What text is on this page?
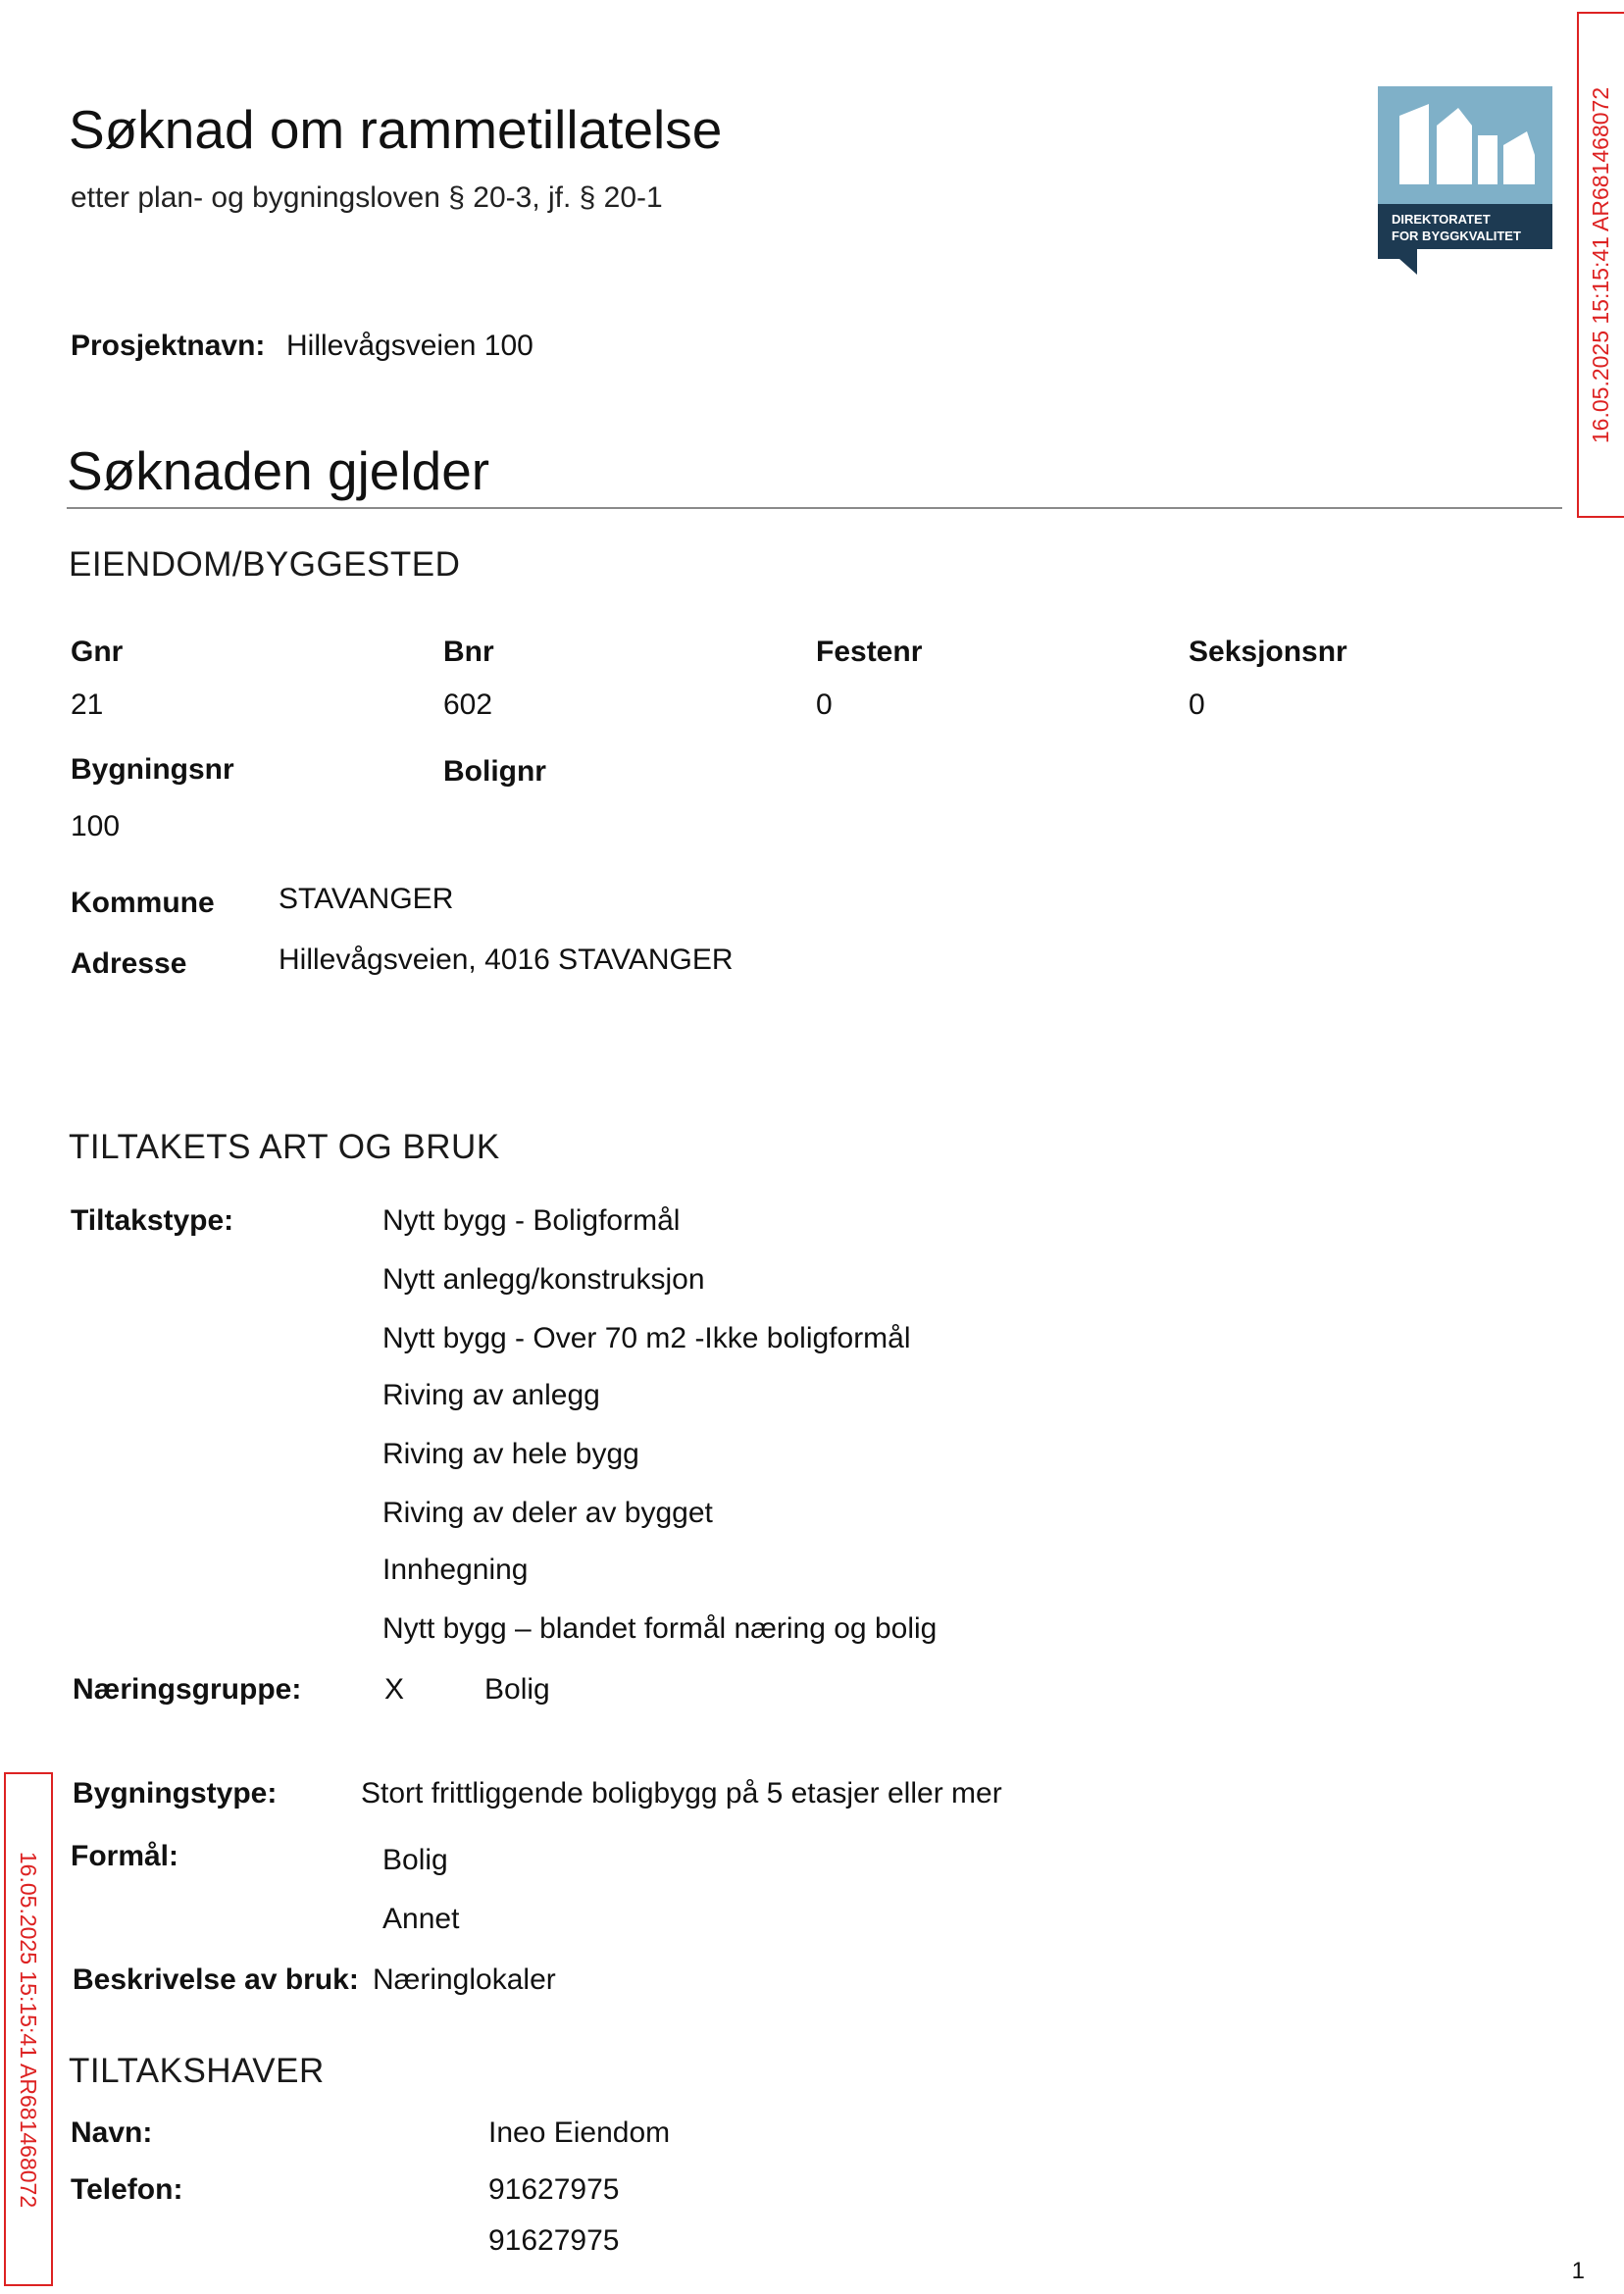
Søknad om rammetillatelse
etter plan- og bygningsloven § 20-3, jf. § 20-1
DIREKTORATET
FOR BYGGKVALITET	16.05.2025 15:15:41 AR681468072
16.05.2025 15:15:41 AR681468072
Prosjektnavn: Hillevågsveien 100
Søknaden gjelder
EIENDOM/BYGGESTED
Gnr
21
Bnr
602
Festenr
0
Seksjonsnr
0
Bygningsnr
100
Bolignr
Kommune STAVANGER
Adresse	Hillevågsveien, 4016 STAVANGER
TILTAKETS ART OG BRUK
Tiltakstype:	Nytt bygg - Boligformål
Nytt anlegg/konstruksjon
Nytt bygg - Over 70 m2 -Ikke boligformål
Riving av anlegg
Riving av hele bygg
Riving av deler av bygget
Innhegning
Nytt bygg – blandet formål næring og bolig
Næringsgruppe:	X	Bolig
Bygningstype:	Stort frittliggende boligbygg på 5 etasjer eller mer
Formål:	Bolig
Annet
Beskrivelse av bruk: Næringlokaler
TILTAKSHAVER
Navn:	Ineo Eiendom
Telefon:	91627975
91627975
1
